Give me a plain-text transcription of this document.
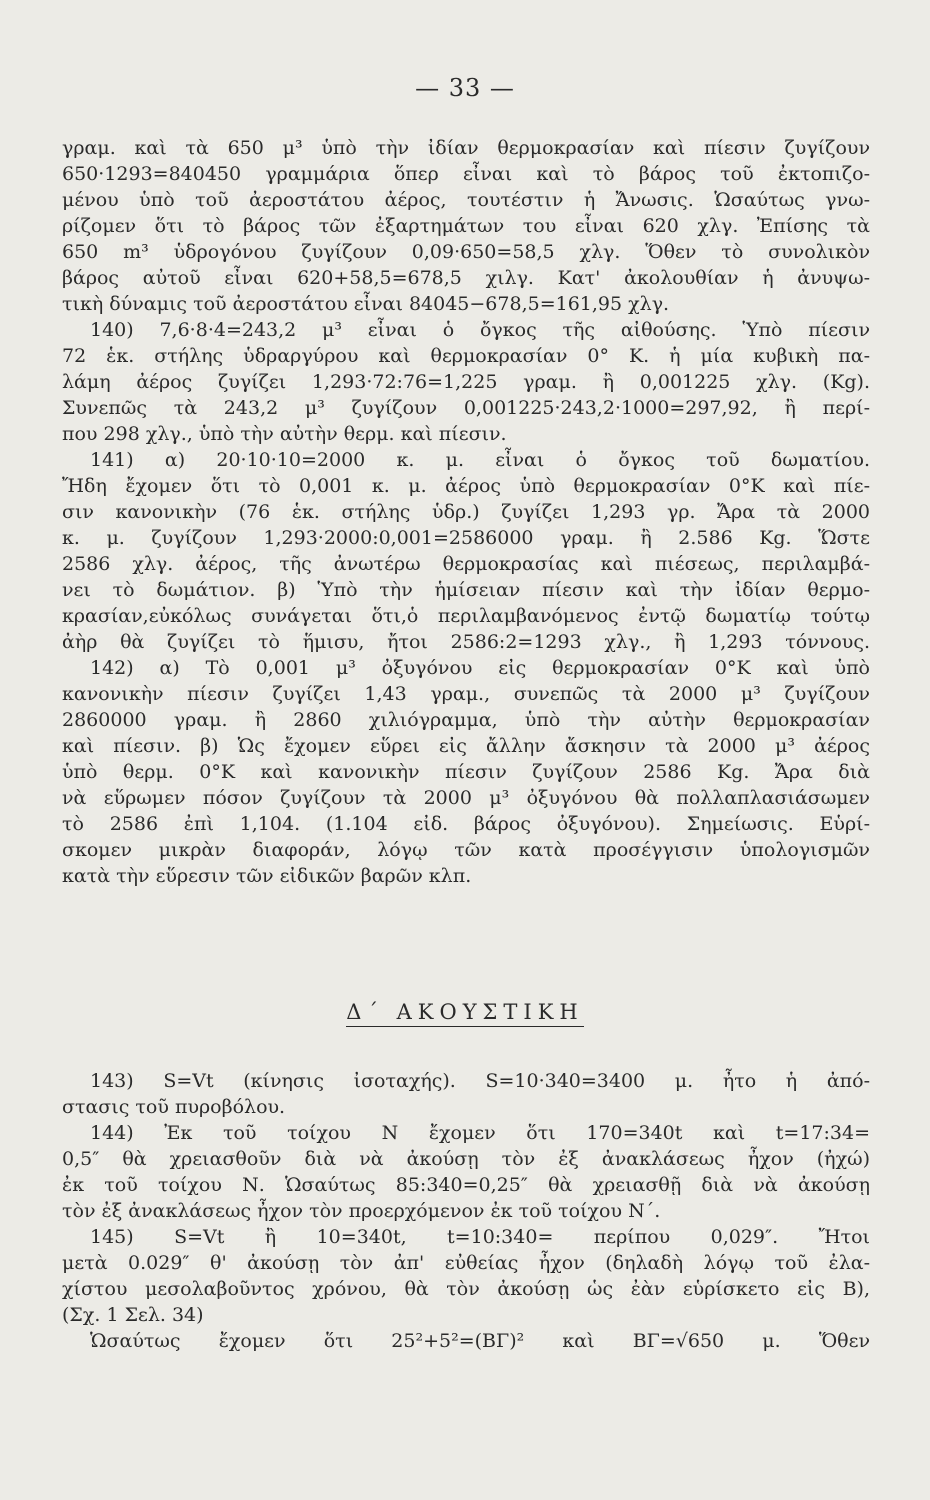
— 33 —
γραμ. καὶ τὰ 650 μ³ ὑπὸ τὴν ἰδίαν θερμοκρασίαν καὶ πίεσιν ζυγίζουν
650·1293=840450 γραμμάρια ὅπερ εἶναι καὶ τὸ βάρος τοῦ ἐκτοπιζο-
μένου ὑπὸ τοῦ ἀεροστάτου ἀέρος, τουτέστιν ἡ Ἄνωσις. Ὡσαύτως γνω-
ρίζομεν ὅτι τὸ βάρος τῶν ἐξαρτημάτων του εἶναι 620 χλγ. Ἐπίσης τὰ
650 m³ ὑδρογόνου ζυγίζουν 0,09·650=58,5 χλγ. Ὅθεν τὸ συνολικὸν
βάρος αὐτοῦ εἶναι 620+58,5=678,5 χιλγ. Κατ' ἀκολουθίαν ἡ ἀνυψω-
τικὴ δύναμις τοῦ ἀεροστάτου εἶναι 84045−678,5=161,95 χλγ.
140) 7,6·8·4=243,2 μ³ εἶναι ὁ ὄγκος τῆς αἰθούσης. Ὑπὸ πίεσιν
72 ἑκ. στήλης ὑδραργύρου καὶ θερμοκρασίαν 0° Κ. ἡ μία κυβικὴ πα-
λάμη ἀέρος ζυγίζει 1,293·72:76=1,225 γραμ. ἢ 0,001225 χλγ. (Kg).
Συνεπῶς τὰ 243,2 μ³ ζυγίζουν 0,001225·243,2·1000=297,92, ἢ περί-
που 298 χλγ., ὑπὸ τὴν αὐτὴν θερμ. καὶ πίεσιν.
141) α) 20·10·10=2000 κ. μ. εἶναι ὁ ὄγκος τοῦ δωματίου.
Ἤδη ἔχομεν ὅτι τὸ 0,001 κ. μ. ἀέρος ὑπὸ θερμοκρασίαν 0°Κ καὶ πίε-
σιν κανονικὴν (76 ἑκ. στήλης ὑδρ.) ζυγίζει 1,293 γρ. Ἄρα τὰ 2000
κ. μ. ζυγίζουν 1,293·2000:0,001=2586000 γραμ. ἢ 2.586 Kg. Ὥστε
2586 χλγ. ἀέρος, τῆς ἀνωτέρω θερμοκρασίας καὶ πιέσεως, περιλαμβά-
νει τὸ δωμάτιον. β) Ὑπὸ τὴν ἡμίσειαν πίεσιν καὶ τὴν ἰδίαν θερμο-
κρασίαν,εὐκόλως συνάγεται ὅτι,ὁ περιλαμβανόμενος ἐντῷ δωματίῳ τούτῳ
ἀὴρ θὰ ζυγίζει τὸ ἥμισυ, ἤτοι 2586:2=1293 χλγ., ἢ 1,293 τόννους.
142) α) Τὸ 0,001 μ³ ὀξυγόνου εἰς θερμοκρασίαν 0°Κ καὶ ὑπὸ
κανονικὴν πίεσιν ζυγίζει 1,43 γραμ., συνεπῶς τὰ 2000 μ³ ζυγίζουν
2860000 γραμ. ἢ 2860 χιλιόγραμμα, ὑπὸ τὴν αὐτὴν θερμοκρασίαν
καὶ πίεσιν. β) Ὡς ἔχομεν εὕρει εἰς ἄλλην ἄσκησιν τὰ 2000 μ³ ἀέρος
ὑπὸ θερμ. 0°Κ καὶ κανονικὴν πίεσιν ζυγίζουν 2586 Kg. Ἄρα διὰ
νὰ εὕρωμεν πόσον ζυγίζουν τὰ 2000 μ³ ὀξυγόνου θὰ πολλαπλασιάσωμεν
τὸ 2586 ἐπὶ 1,104. (1.104 εἰδ. βάρος ὀξυγόνου). Σημείωσις. Εὑρί-
σκομεν μικρὰν διαφοράν, λόγῳ τῶν κατὰ προσέγγισιν ὑπολογισμῶν
κατὰ τὴν εὕρεσιν τῶν εἰδικῶν βαρῶν κλπ.
Δ΄ ΑΚΟΥΣΤΙΚΗ
143) S=Vt (κίνησις ἰσοταχής). S=10·340=3400 μ. ἦτο ἡ ἀπό-
στασις τοῦ πυροβόλου.
144) Ἐκ τοῦ τοίχου Ν ἔχομεν ὅτι 170=340t καὶ t=17:34=
0,5″ θὰ χρειασθοῦν διὰ νὰ ἀκούσῃ τὸν ἐξ ἀνακλάσεως ἦχον (ἠχώ)
ἐκ τοῦ τοίχου Ν. Ὡσαύτως 85:340=0,25″ θὰ χρειασθῇ διὰ νὰ ἀκούσῃ
τὸν ἐξ ἀνακλάσεως ἦχον τὸν προερχόμενον ἐκ τοῦ τοίχου Ν΄.
145) S=Vt ἢ 10=340t, t=10:340= περίπου 0,029″. Ἤτοι
μετὰ 0.029″ θ' ἀκούσῃ τὸν ἀπ' εὐθείας ἦχον (δηλαδὴ λόγῳ τοῦ ἐλα-
χίστου μεσολαβοῦντος χρόνου, θὰ τὸν ἀκούσῃ ὡς ἐὰν εὑρίσκετο εἰς Β),
(Σχ. 1 Σελ. 34)
Ὡσαύτως ἔχομεν ὅτι 25²+5²=(ΒΓ)² καὶ ΒΓ=√650 μ. Ὅθεν
